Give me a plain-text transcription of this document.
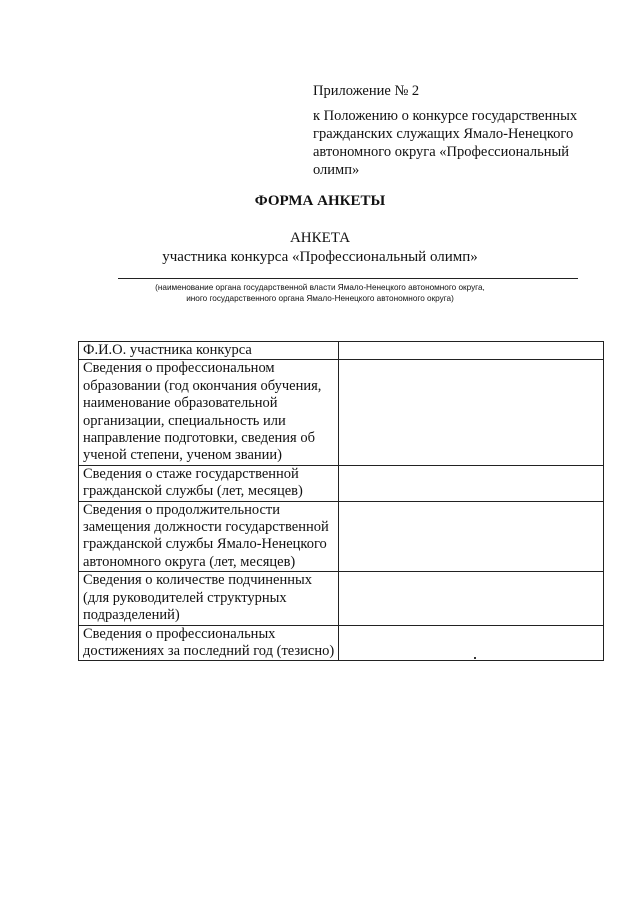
Приложение № 2
к Положению о конкурсе государственных гражданских служащих Ямало-Ненецкого автономного округа «Профессиональный олимп»
ФОРМА АНКЕТЫ
АНКЕТА
участника конкурса «Профессиональный олимп»
(наименование органа государственной власти Ямало-Ненецкого автономного округа,
иного государственного органа Ямало-Ненецкого автономного округа)
Ф.И.О. участника конкурса	
Сведения о профессиональном образовании (год окончания обучения, наименование образовательной организации, специальность или направление подготовки, сведения об ученой степени, ученом звании)	
Сведения о стаже государственной гражданской службы (лет, месяцев)	
Сведения о продолжительности замещения должности государственной гражданской службы Ямало-Ненецкого автономного округа (лет, месяцев)	
Сведения о количестве подчиненных (для руководителей структурных подразделений)	
Сведения о профессиональных достижениях за последний год (тезисно)	
